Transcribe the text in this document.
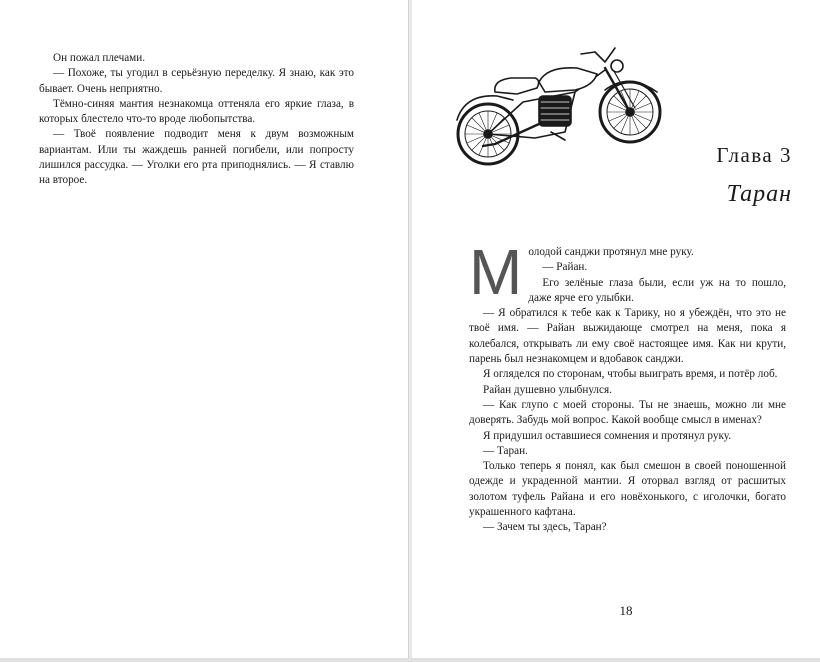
Он пожал плечами.

— Похоже, ты угодил в серьёзную переделку. Я знаю, как это бывает. Очень неприятно.

Тёмно-синяя мантия незнакомца оттеняла его яркие глаза, в которых блестело что-то вроде любопытства.

— Твоё появление подводит меня к двум возможным вариантам. Или ты жаждешь ранней погибели, или попросту лишился рассудка. — Уголки его рта приподнялись. — Я ставлю на второе.

Глава 3
Таран

Молодой санджи протянул мне руку.

— Райан.

Его зелёные глаза были, если уж на то пошло, даже ярче его улыбки.

— Я обратился к тебе как к Тарику, но я убеждён, что это не твоё имя. — Райан выжидающе смотрел на меня, пока я колебался, открывать ли ему своё настоящее имя. Как ни крути, парень был незнакомцем и вдобавок санджи.

Я огляделся по сторонам, чтобы выиграть время, и потёр лоб.

Райан душевно улыбнулся.

— Как глупо с моей стороны. Ты не знаешь, можно ли мне доверять. Забудь мой вопрос. Какой вообще смысл в именах?

Я придушил оставшиеся сомнения и протянул руку.

— Таран.

Только теперь я понял, как был смешон в своей поношенной одежде и украденной мантии. Я оторвал взгляд от расшитых золотом туфель Райана и его новёхонького, с иголочки, богато украшенного кафтана.

— Зачем ты здесь, Таран?

18
